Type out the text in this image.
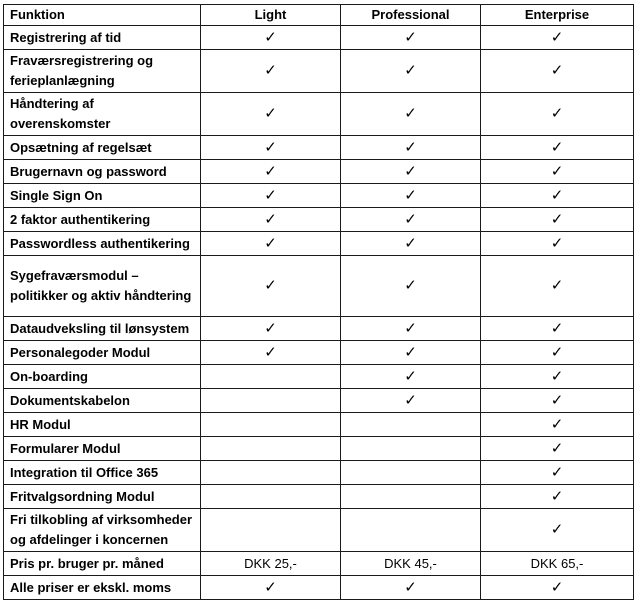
Funktion	Light	Professional	Enterprise
Registrering af tid	✓	✓	✓
Fraværsregistrering og ferieplanlægning	✓	✓	✓
Håndtering af overenskomster	✓	✓	✓
Opsætning af regelsæt	✓	✓	✓
Brugernavn og password	✓	✓	✓
Single Sign On	✓	✓	✓
2 faktor authentikering	✓	✓	✓
Passwordless authentikering	✓	✓	✓
Sygefraværsmodul – politikker og aktiv håndtering	✓	✓	✓
Dataudveksling til lønsystem	✓	✓	✓
Personalegoder Modul	✓	✓	✓
On-boarding		✓	✓
Dokumentskabelon		✓	✓
HR Modul			✓
Formularer Modul			✓
Integration til Office 365			✓
Fritvalgsordning Modul			✓
Fri tilkobling af virksomheder og afdelinger i koncernen			✓
Pris pr. bruger pr. måned	DKK 25,-	DKK 45,-	DKK 65,-
Alle priser er ekskl. moms	✓	✓	✓
